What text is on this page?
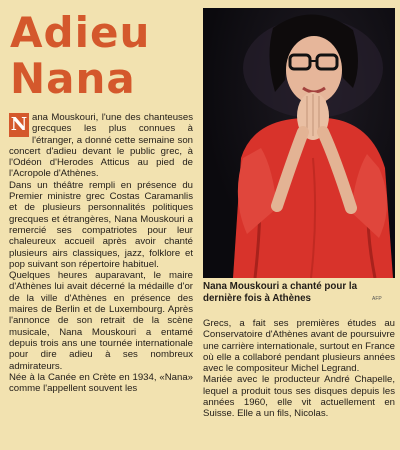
Adieu
Nana

N ana Mouskouri, l'une des chanteuses grecques les plus connues à l'étranger, a donné cette semaine son concert d'adieu devant le public grec, à l'Odéon d'Herodes Atticus au pied de l'Acropole d'Athènes.

Dans un théâtre rempli en présence du Premier ministre grec Costas Caramanlis et de plusieurs personnalités politiques grecques et étrangères, Nana Mouskouri a remercié ses compatriotes pour leur chaleureux accueil après avoir chanté plusieurs airs classiques, jazz, folklore et pop suivant son répertoire habituel.

Quelques heures auparavant, le maire d'Athènes lui avait décerné la médaille d'or de la ville d'Athènes en présence des maires de Berlin et de Luxembourg. Après l'annonce de son retrait de la scène musicale, Nana Mouskouri a entamé depuis trois ans une tournée internationale pour dire adieu à ses nombreux admirateurs.

Née à la Canée en Crète en 1934, «Nana» comme l'appellent souvent les

Nana Mouskouri a chanté pour la dernière fois à Athènes	AFP

Grecs, a fait ses premières études au Conservatoire d'Athènes avant de poursuivre une carrière internationale, surtout en France où elle a collaboré pendant plusieurs années avec le compositeur Michel Legrand.

Mariée avec le producteur André Chapelle, lequel a produit tous ses disques depuis les années 1960, elle vit actuellement en Suisse. Elle a un fils, Nicolas.
